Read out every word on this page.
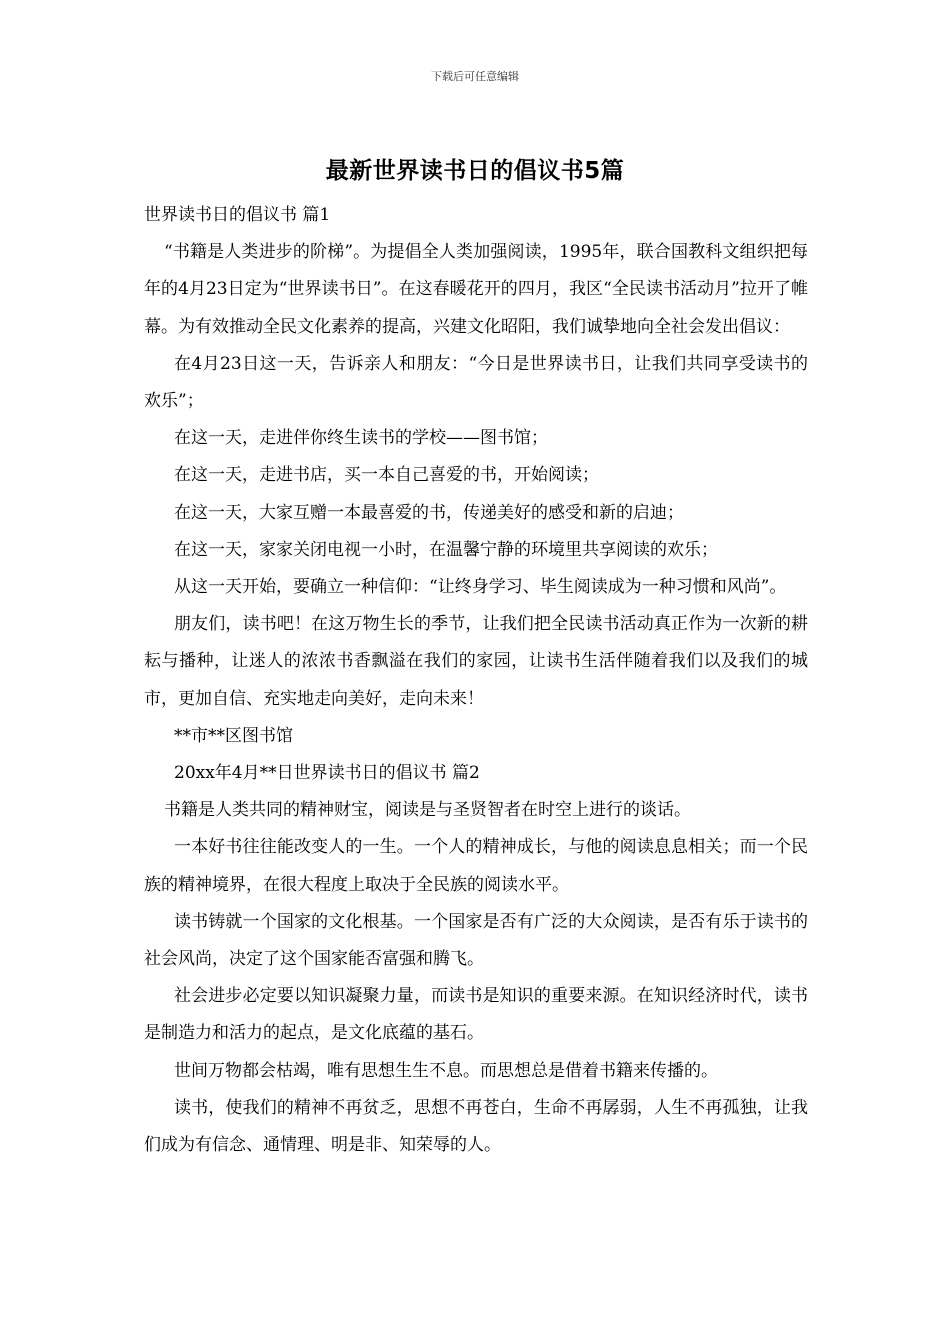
下载后可任意编辑
最新世界读书日的倡议书5篇

世界读书日的倡议书 篇1

“书籍是人类进步的阶梯”。为提倡全人类加强阅读，1995年，联合国教科文组织把每年的4月23日定为“世界读书日”。在这春暖花开的四月，我区“全民读书活动月”拉开了帷幕。为有效推动全民文化素养的提高，兴建文化昭阳，我们诚挚地向全社会发出倡议：

在4月23日这一天，告诉亲人和朋友：“今日是世界读书日，让我们共同享受读书的欢乐”；

在这一天，走进伴你终生读书的学校——图书馆；

在这一天，走进书店，买一本自己喜爱的书，开始阅读；

在这一天，大家互赠一本最喜爱的书，传递美好的感受和新的启迪；

在这一天，家家关闭电视一小时，在温馨宁静的环境里共享阅读的欢乐；

从这一天开始，要确立一种信仰：“让终身学习、毕生阅读成为一种习惯和风尚”。

朋友们，读书吧！在这万物生长的季节，让我们把全民读书活动真正作为一次新的耕耘与播种，让迷人的浓浓书香飘溢在我们的家园，让读书生活伴随着我们以及我们的城市，更加自信、充实地走向美好，走向未来！

**市**区图书馆

20xx年4月**日世界读书日的倡议书 篇2

书籍是人类共同的精神财宝，阅读是与圣贤智者在时空上进行的谈话。

一本好书往往能改变人的一生。一个人的精神成长，与他的阅读息息相关；而一个民族的精神境界，在很大程度上取决于全民族的阅读水平。

读书铸就一个国家的文化根基。一个国家是否有广泛的大众阅读，是否有乐于读书的社会风尚，决定了这个国家能否富强和腾飞。

社会进步必定要以知识凝聚力量，而读书是知识的重要来源。在知识经济时代，读书是制造力和活力的起点，是文化底蕴的基石。

世间万物都会枯竭，唯有思想生生不息。而思想总是借着书籍来传播的。

读书，使我们的精神不再贫乏，思想不再苍白，生命不再孱弱，人生不再孤独，让我们成为有信念、通情理、明是非、知荣辱的人。
